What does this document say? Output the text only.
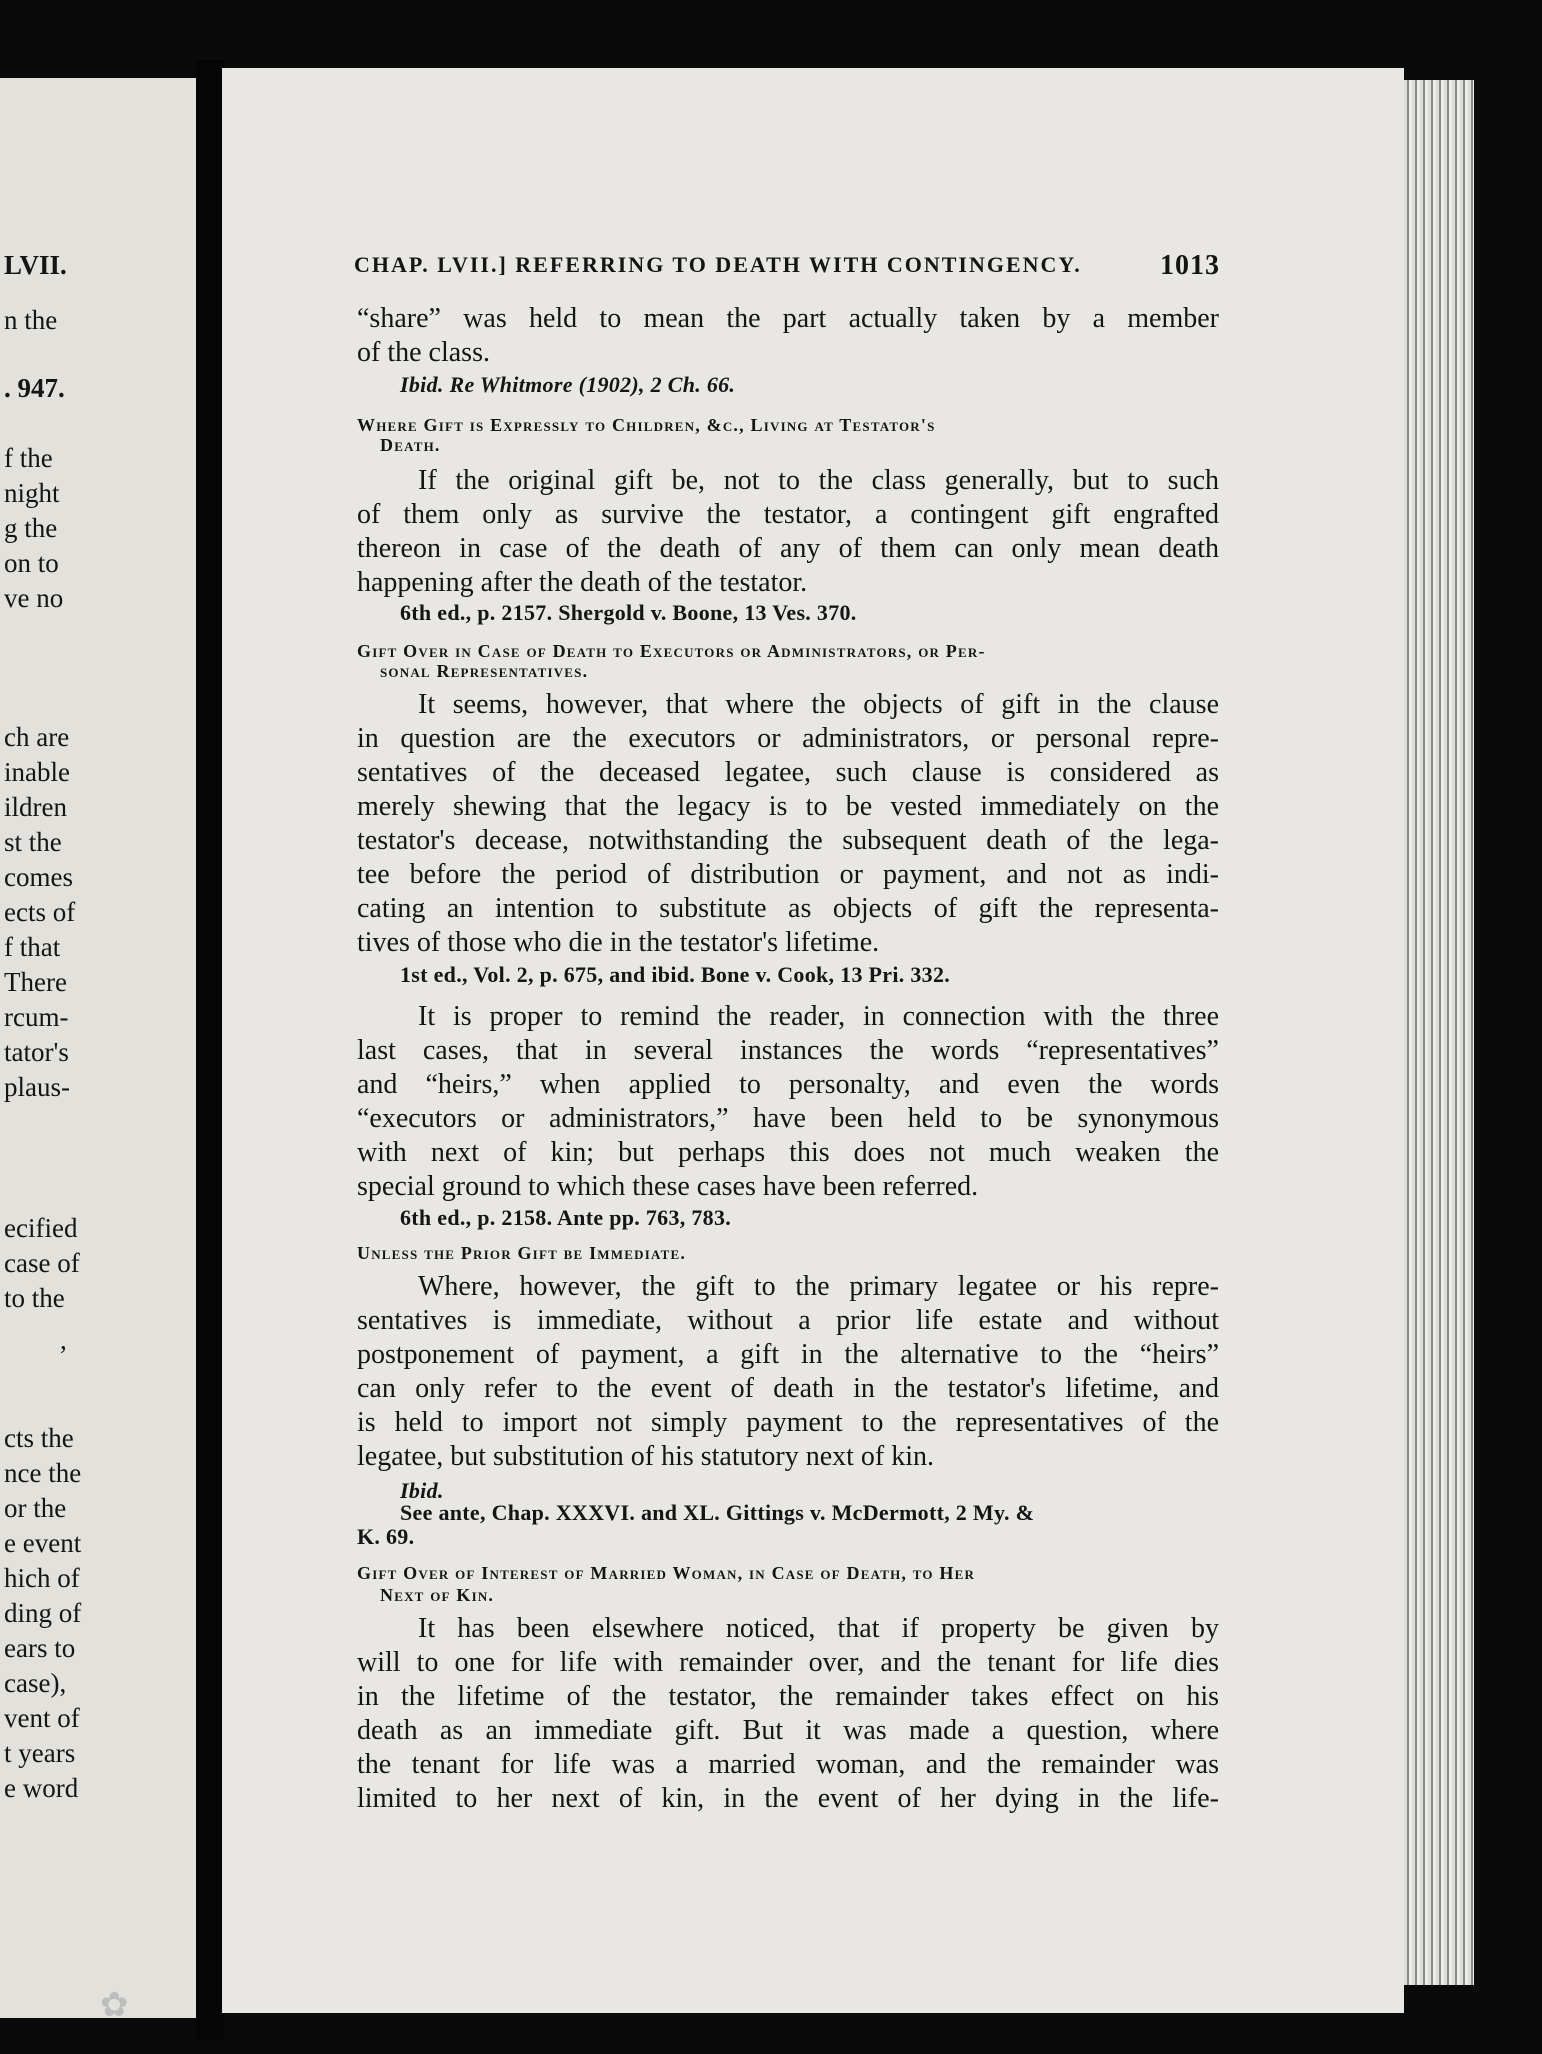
LVII.
n the
. 947.
f the
night
g the
on to
ve no
ch are
inable
ildren
st the
comes
ects of
f that
There
rcum-
tator's
plaus-
ecified
case of
to the
,
cts the
nce the
or the
e event
hich of
ding of
ears to
case),
vent of
t years
e word
CHAP. LVII.] REFERRING TO DEATH WITH CONTINGENCY.	1013
“share” was held to mean the part actually taken by a member
of the class.
Ibid. Re Whitmore (1902), 2 Ch. 66.
Where Gift is Expressly to Children, &c., Living at Testator's
Death.
If the original gift be, not to the class generally, but to such
of them only as survive the testator, a contingent gift engrafted
thereon in case of the death of any of them can only mean death
happening after the death of the testator.
6th ed., p. 2157. Shergold v. Boone, 13 Ves. 370.
Gift Over in Case of Death to Executors or Administrators, or Per-
sonal Representatives.
It seems, however, that where the objects of gift in the clause
in question are the executors or administrators, or personal repre-
sentatives of the deceased legatee, such clause is considered as
merely shewing that the legacy is to be vested immediately on the
testator's decease, notwithstanding the subsequent death of the lega-
tee before the period of distribution or payment, and not as indi-
cating an intention to substitute as objects of gift the representa-
tives of those who die in the testator's lifetime.
1st ed., Vol. 2, p. 675, and ibid. Bone v. Cook, 13 Pri. 332.
It is proper to remind the reader, in connection with the three
last cases, that in several instances the words “representatives”
and “heirs,” when applied to personalty, and even the words
“executors or administrators,” have been held to be synonymous
with next of kin; but perhaps this does not much weaken the
special ground to which these cases have been referred.
6th ed., p. 2158. Ante pp. 763, 783.
Unless the Prior Gift be Immediate.
Where, however, the gift to the primary legatee or his repre-
sentatives is immediate, without a prior life estate and without
postponement of payment, a gift in the alternative to the “heirs”
can only refer to the event of death in the testator's lifetime, and
is held to import not simply payment to the representatives of the
legatee, but substitution of his statutory next of kin.
Ibid.
See ante, Chap. XXXVI. and XL. Gittings v. McDermott, 2 My. &
K. 69.
Gift Over of Interest of Married Woman, in Case of Death, to Her
Next of Kin.
It has been elsewhere noticed, that if property be given by
will to one for life with remainder over, and the tenant for life dies
in the lifetime of the testator, the remainder takes effect on his
death as an immediate gift. But it was made a question, where
the tenant for life was a married woman, and the remainder was
limited to her next of kin, in the event of her dying in the life-
✿
